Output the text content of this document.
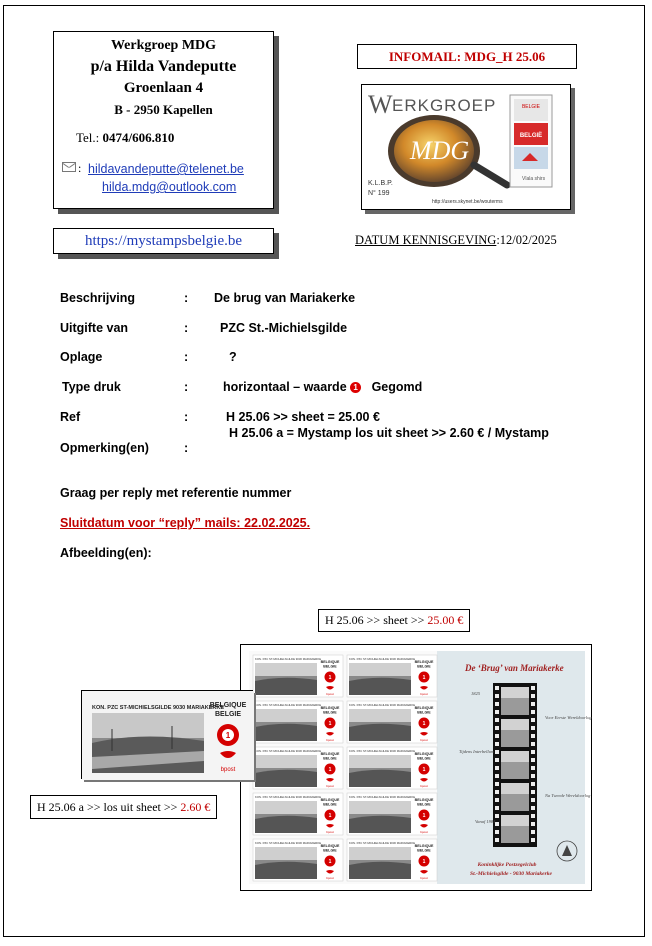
Werkgroep MDG
p/a Hilda Vandeputte
Groenlaan 4
B - 2950 Kapellen
Tel.: 0474/606.810
: hildavandeputte@telenet.be
hilda.mdg@outlook.com
INFOMAIL: MDG_H 25.06
W ERKGROEP
MDG
BELGIE
BELGIË
Vlala shirs
K.L.B.P.
N° 199
http://users.skynet.be/wouterms
https://mystampsbelgie.be	DATUM KENNISGEVING:12/02/2025
Beschrijving	: De brug van Mariakerke
Uitgifte van	:	PZC St.-Michielsgilde
Oplage	:	?
Type druk	:	horizontaal – waarde 1 Gegomd
Ref	:	H 25.06 >> sheet = 25.00 €
H 25.06 a = Mystamp los uit sheet >> 2.60 € / Mystamp
Opmerking(en)	:
Graag per reply met referentie nummer
Sluitdatum voor “reply” mails: 22.02.2025.
Afbeelding(en):
H 25.06 >> sheet >> 25.00 €
KON. PZC ST-MICHIELSGILDE 9030 MARIAKERKE
BELGIQUE
BELGIE
1
bpost
KON. PZC ST-MICHIELSGILDE 9030 MARIAKERKE
BELGIQUE
BELGIE
1
bpost
KON. PZC ST-MICHIELSGILDE 9030 MARIAKERKE
BELGIQUE
BELGIE
1
bpost
KON. PZC ST-MICHIELSGILDE 9030 MARIAKERKE
BELGIQUE
BELGIE
1
bpost
KON. PZC ST-MICHIELSGILDE 9030 MARIAKERKE
BELGIQUE
BELGIE
1
bpost
KON. PZC ST-MICHIELSGILDE 9030 MARIAKERKE
BELGIQUE
BELGIE
1
bpost
KON. PZC ST-MICHIELSGILDE 9030 MARIAKERKE
BELGIQUE
BELGIE
1
bpost
KON. PZC ST-MICHIELSGILDE 9030 MARIAKERKE
BELGIQUE
BELGIE
1
bpost
KON. PZC ST-MICHIELSGILDE 9030 MARIAKERKE
BELGIQUE
BELGIE
1
bpost
KON. PZC ST-MICHIELSGILDE 9030 MARIAKERKE
BELGIQUE
BELGIE
1
bpost
De ‘Brug’ van Mariakerke
1825
Tijdens Interbellum
Voor Eerste Wereldoorlog
Na Tweede Wereldoorlog
Vanaf 1984
Koninklijke Postzegelclub
St.-Michielsgilde - 9030 Mariakerke
KON. PZC ST-MICHIELSGILDE 9030 MARIAKERKE
BELGIQUE
BELGIE
1
bpost
H 25.06 a >> los uit sheet >> 2.60 €
